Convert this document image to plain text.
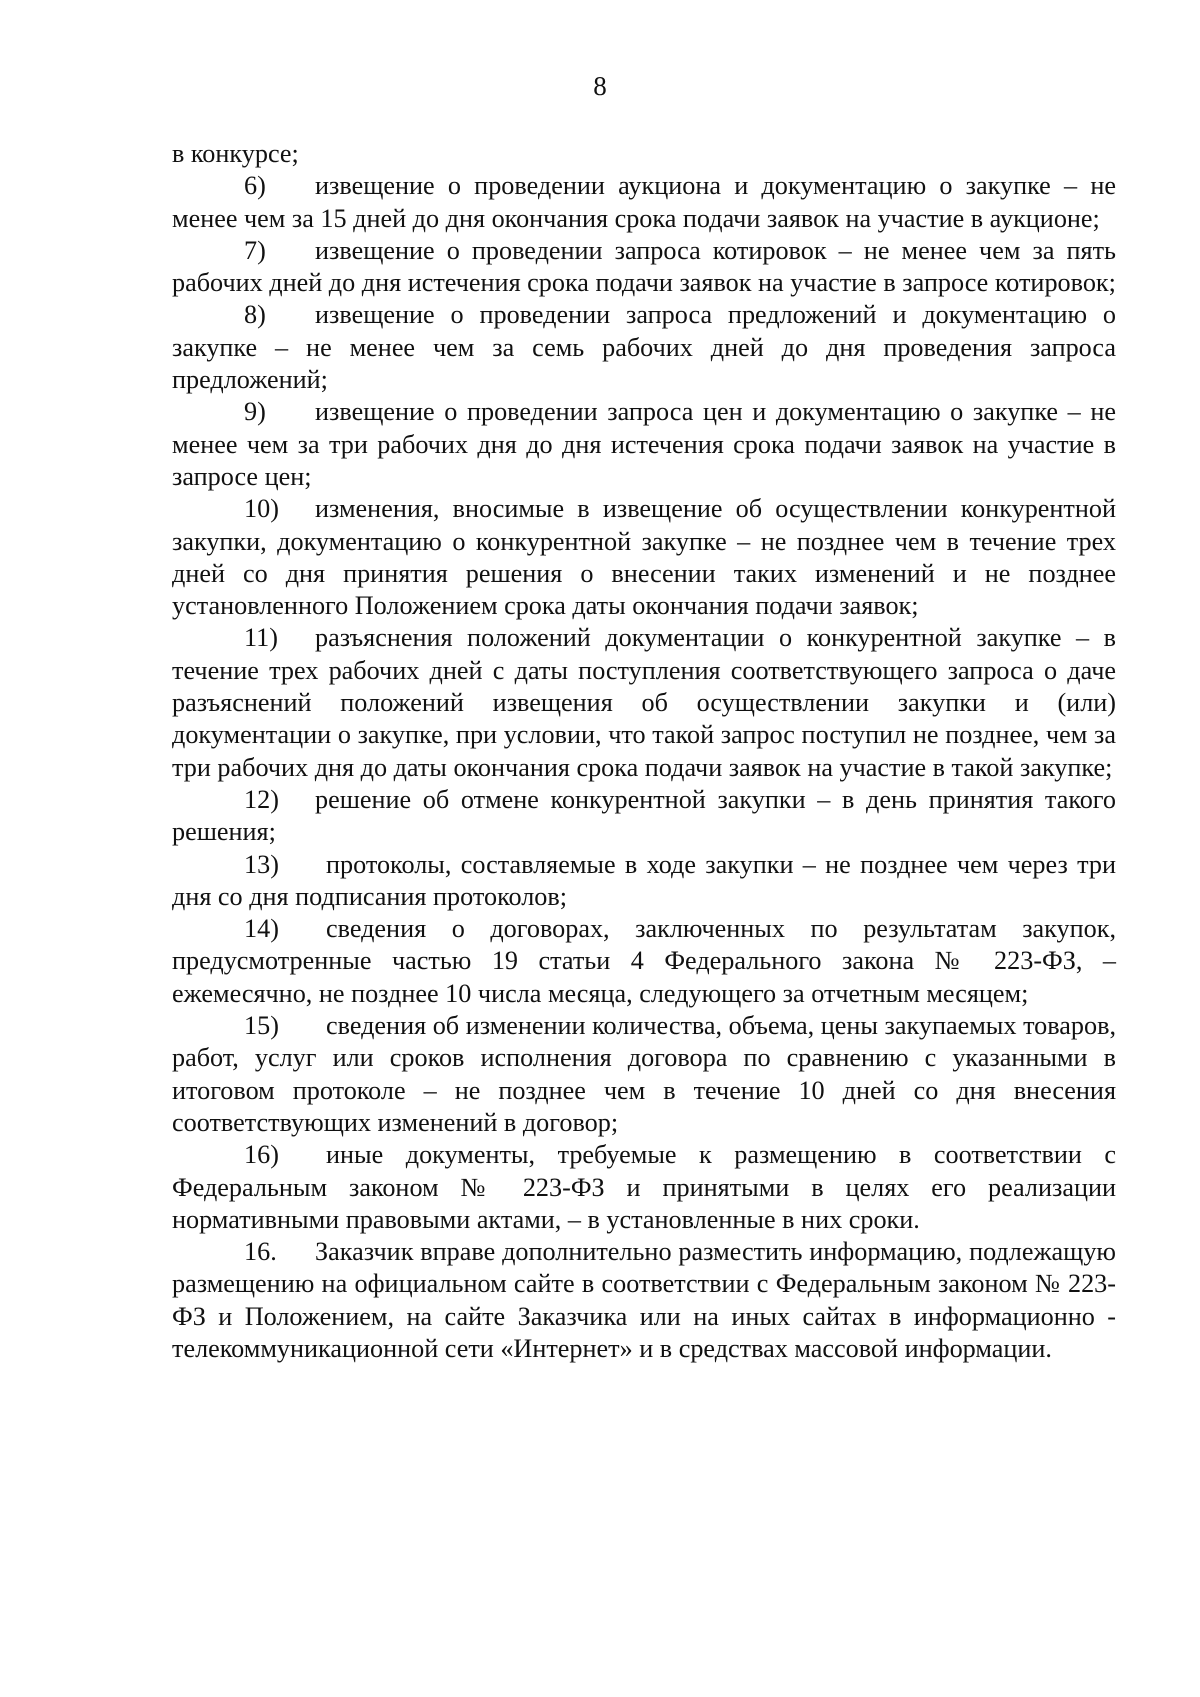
8

в конкурсе;

6) извещение о проведении аукциона и документацию о закупке – не менее чем за 15 дней до дня окончания срока подачи заявок на участие в аукционе;

7) извещение о проведении запроса котировок – не менее чем за пять рабочих дней до дня истечения срока подачи заявок на участие в запросе котировок;

8) извещение о проведении запроса предложений и документацию о закупке – не менее чем за семь рабочих дней до дня проведения запроса предложений;

9) извещение о проведении запроса цен и документацию о закупке – не менее чем за три рабочих дня до дня истечения срока подачи заявок на участие в запросе цен;

10) изменения, вносимые в извещение об осуществлении конкурентной закупки, документацию о конкурентной закупке – не позднее чем в течение трех дней со дня принятия решения о внесении таких изменений и не позднее установленного Положением срока даты окончания подачи заявок;

11) разъяснения положений документации о конкурентной закупке – в течение трех рабочих дней с даты поступления соответствующего запроса о даче разъяснений положений извещения об осуществлении закупки и (или) документации о закупке, при условии, что такой запрос поступил не позднее, чем за три рабочих дня до даты окончания срока подачи заявок на участие в такой закупке;

12) решение об отмене конкурентной закупки – в день принятия такого решения;

13) протоколы, составляемые в ходе закупки – не позднее чем через три дня со дня подписания протоколов;

14) сведения о договорах, заключенных по результатам закупок, предусмотренные частью 19 статьи 4 Федерального закона № 223-ФЗ, – ежемесячно, не позднее 10 числа месяца, следующего за отчетным месяцем;

15) сведения об изменении количества, объема, цены закупаемых товаров, работ, услуг или сроков исполнения договора по сравнению с указанными в итоговом протоколе – не позднее чем в течение 10 дней со дня внесения соответствующих изменений в договор;

16) иные документы, требуемые к размещению в соответствии с Федеральным законом № 223-ФЗ и принятыми в целях его реализации нормативными правовыми актами, – в установленные в них сроки.

16. Заказчик вправе дополнительно разместить информацию, подлежащую размещению на официальном сайте в соответствии с Федеральным законом № 223-ФЗ и Положением, на сайте Заказчика или на иных сайтах в информационно - телекоммуникационной сети «Интернет» и в средствах массовой информации.
